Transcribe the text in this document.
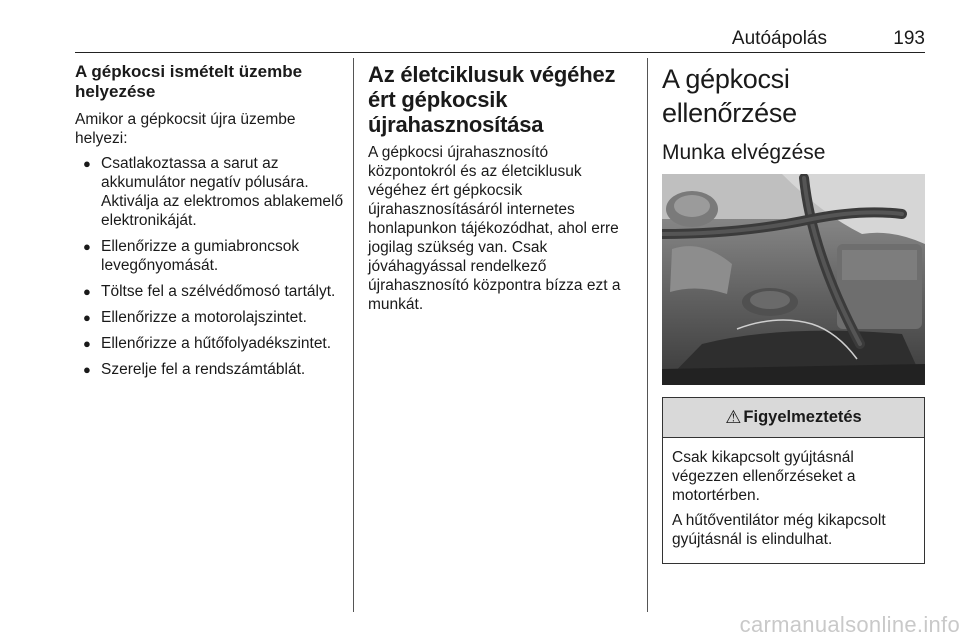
Autóápolás	193
A gépkocsi ismételt üzembe helyezése

Amikor a gépkocsit újra üzembe helyezi:

● Csatlakoztassa a sarut az akkumulátor negatív pólusára. Aktiválja az elektromos ablakemelő elektronikáját.
● Ellenőrizze a gumiabroncsok levegőnyomását.
● Töltse fel a szélvédőmosó tartályt.
● Ellenőrizze a motorolajszintet.
● Ellenőrizze a hűtőfolyadékszintet.
● Szerelje fel a rendszámtáblát.
Az életciklusuk végéhez ért gépkocsik újrahasznosítása

A gépkocsi újrahasznosító központokról és az életciklusuk végéhez ért gépkocsik újrahasznosításáról internetes honlapunkon tájékozódhat, ahol erre jogilag szükség van. Csak jóváhagyással rendelkező újrahasznosító központra bízza ezt a munkát.

A gépkocsi ellenőrzése
Munka elvégzése
⚠ Figyelmeztetés

Csak kikapcsolt gyújtásnál végezzen ellenőrzéseket a motortérben.

A hűtőventilátor még kikapcsolt gyújtásnál is elindulhat.

carmanualsonline.info
